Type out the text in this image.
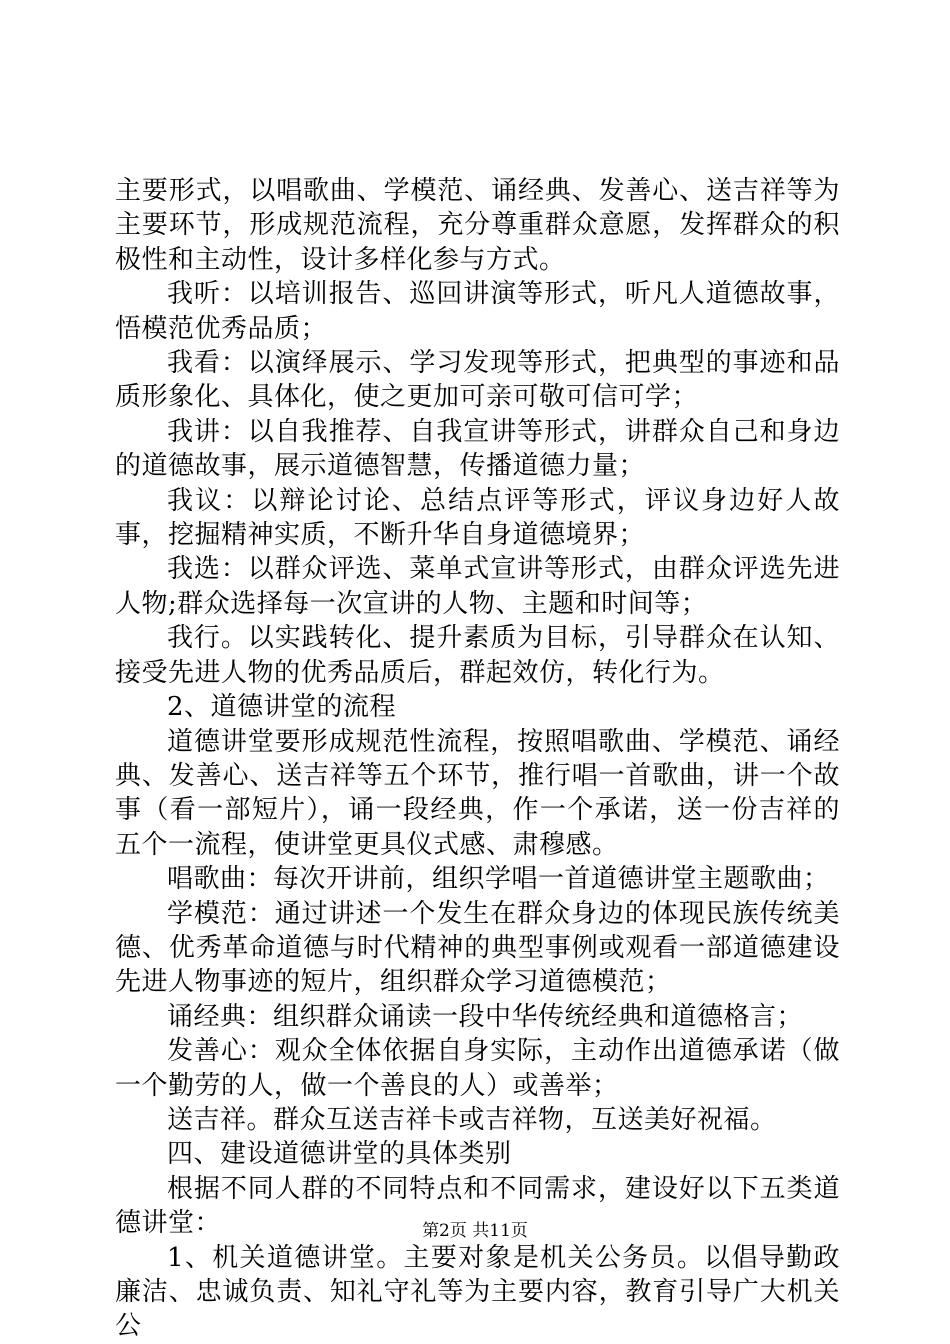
主要形式，以唱歌曲、学模范、诵经典、发善心、送吉祥等为主要环节，形成规范流程，充分尊重群众意愿，发挥群众的积极性和主动性，设计多样化参与方式。

我听：以培训报告、巡回讲演等形式，听凡人道德故事，悟模范优秀品质；

我看：以演绎展示、学习发现等形式，把典型的事迹和品质形象化、具体化，使之更加可亲可敬可信可学；

我讲：以自我推荐、自我宣讲等形式，讲群众自己和身边的道德故事，展示道德智慧，传播道德力量；

我议：以辩论讨论、总结点评等形式，评议身边好人故事，挖掘精神实质，不断升华自身道德境界；

我选：以群众评选、菜单式宣讲等形式，由群众评选先进人物;群众选择每一次宣讲的人物、主题和时间等；

我行。以实践转化、提升素质为目标，引导群众在认知、接受先进人物的优秀品质后，群起效仿，转化行为。

2、道德讲堂的流程

道德讲堂要形成规范性流程，按照唱歌曲、学模范、诵经典、发善心、送吉祥等五个环节，推行唱一首歌曲，讲一个故事（看一部短片），诵一段经典，作一个承诺，送一份吉祥的五个一流程，使讲堂更具仪式感、肃穆感。

唱歌曲：每次开讲前，组织学唱一首道德讲堂主题歌曲；

学模范：通过讲述一个发生在群众身边的体现民族传统美德、优秀革命道德与时代精神的典型事例或观看一部道德建设先进人物事迹的短片，组织群众学习道德模范；

诵经典：组织群众诵读一段中华传统经典和道德格言；

发善心：观众全体依据自身实际，主动作出道德承诺（做一个勤劳的人，做一个善良的人）或善举；

送吉祥。群众互送吉祥卡或吉祥物，互送美好祝福。

四、建设道德讲堂的具体类别

根据不同人群的不同特点和不同需求，建设好以下五类道德讲堂：

1、机关道德讲堂。主要对象是机关公务员。以倡导勤政廉洁、忠诚负责、知礼守礼等为主要内容，教育引导广大机关公

第2页 共11页
